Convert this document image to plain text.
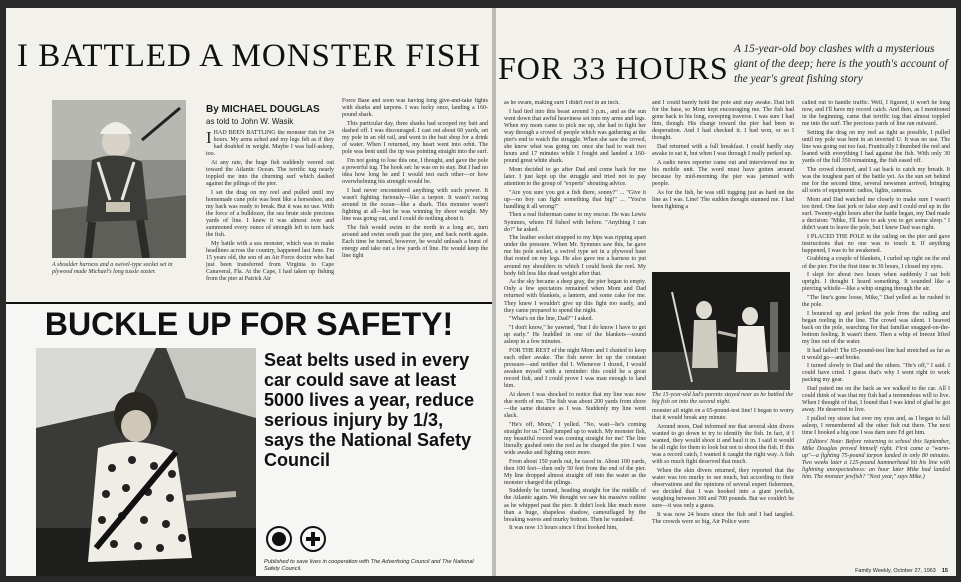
I BATTLED A MONSTER FISH
A shoulder harness and a swivel-type socket set in plywood made Michael's long tussle easier.
By MICHAEL DOUGLAS
as told to John W. Wasik

IHAD BEEN BATTLING the monster fish for 24 hours. My arms ached and my legs felt as if they had doubled in weight. Maybe I was half-asleep, too.

At any rate, the huge fish suddenly veered out toward the Atlantic Ocean. The terrific tug nearly toppled me into the churning surf which dashed against the pilings of the pier.

I set the drag on my reel and pulled until my homemade cane pole was bent like a horseshoe, and my back was ready to break. But it was no use. With the force of a bulldozer, the sea brute stole precious yards of line. I knew it was almost over and summoned every ounce of strength left to turn back the fish.

My battle with a sea monster, which was to make headlines across the country, happened last June. I'm 15 years old, the son of an Air Force doctor who had just been transferred from Virginia to Cape Canaveral, Fla. At the Cape, I had taken up fishing from the pier at Patrick Air

Force Base and soon was having long give-and-take fights with sharks and tarpons. I was lucky once, landing a 160-pound shark.

This particular day, three sharks had scooped my bait and dashed off. I was discouraged. I cast out about 60 yards, set my pole in an old rail, and went to the bait shop for a drink of water. When I returned, my heart went into orbit. The pole was bent until the tip was pointing straight into the surf.

I'm not going to lose this one, I thought, and gave the pole a powerful tug. The hook set: he was on to stay. But I had no idea how long he and I would test each other—or how overwhelming his strength would be.

I had never encountered anything with such power. It wasn't fighting furiously—like a tarpon. It wasn't racing around in the ocean—like a shark. This monster wasn't fighting at all—but he was winning by sheer weight. My line was going out, and I could do nothing about it.

The fish would swim to the north in a long arc, turn around and swim south past the pier, and back north again. Each time he turned, however, he would unleash a burst of energy and take out a few yards of line. He would keep the line tight

BUCKLE UP FOR SAFETY!
Seat belts used in every car could save at least 5000 lives a year, reduce serious injury by 1/3, says the National Safety Council
Published to save lives in cooperation with The Advertising Council and The National Safety Council.
FOR 33 HOURS
A 15-year-old boy clashes with a mysterious giant of the deep; here is the youth's account of the year's great fishing story

as he swam, making sure I didn't reel in an inch.

I had tied into this beast around 3 p.m., and as the sun went down that awful heaviness set into my arms and legs. When my mom came to pick me up, she had to fight her way through a crowd of people which was gathering at the pier's end to watch the struggle. When she saw the crowd, she knew what was going on: once she had to wait two hours and 17 minutes while I fought and landed a 160-pound great white shark.

Mom decided to go after Dad and come back for me later. I just kept up the struggle and tried not to pay attention to the group of "experts" shouting advice.

"Are you sure you got a fish there, sonny?" ... "Give it up—no boy can fight something that big!" ... "You're handling it all wrong!"

Then a real fisherman came to my rescue. He was Lewis Symmes, whom I'd fished with before. "Anything I can do?" he asked.

The leather socket strapped to my hips was ripping apart under the pressure. When Mr. Symmes saw this, he gave me his pole socket, a swivel type set in a plywood base that rested on my legs. He also gave me a harness to put around my shoulders to which I could hook the reel. My body felt less like dead weight after that.

As the sky became a deep gray, the pier began to empty. Only a few spectators remained when Mom and Dad returned with blankets, a lantern, and some cake for me. They knew I wouldn't give up this fight too easily, and they came prepared to spend the night.

"What's on the line, Dad?" I asked.

"I don't know," he yawned, "but I do know I have to get up early." He huddled in one of the blankets—sound asleep in a few minutes.

FOR THE REST of the night Mom and I chatted to keep each other awake. The fish never let up the constant pressure—and neither did I. Whenever I dozed, I would awaken myself with a reminder: this could be a great record fish, and I could prove I was man enough to land him.

At dawn I was shocked to notice that my line was now due north of me. The fish was about 200 yards from shore—the same distance as I was. Suddenly my line went slack.

"He's off, Mom," I yelled. "No, wait—he's coming straight for us." Dad jumped up to watch. My monster fish, my beautiful record was coming straight for me! The line literally gushed onto the reel as he charged the pier. I was wide awake and fighting once more.

From about 150 yards out, he raced in. About 100 yards, then 100 feet—then only 50 feet from the end of the pier. My line dropped almost straight off into the water as the monster charged the pilings.

Suddenly he turned, heading straight for the middle of the Atlantic again. We thought we saw his massive outline as he whipped past the pier. It didn't look like much more than a huge, shapeless shadow, camouflaged by the breaking waves and murky bottom. Then he vanished.

It was now 13 hours since I first hooked him,

and I could barely hold the pole and stay awake. Dad left for the base, so Mom kept encouraging me. The fish had gone back to his long, sweeping traverse. I was sure I had him, though. His charge toward the pier had been in desperation. And I had checked it. I had won, or so I thought.

Dad returned with a full breakfast. I could hardly stay awake to eat it, but when I was through I really perked up.

A radio news reporter came out and interviewed me in his mobile unit. The word must have gotten around because by mid-morning the pier was jammed with people.

As for the fish, he was still tugging just as hard on the line as I was. Line! The sudden thought stunned me. I had been fighting a

The 15-year-old lad's parents stayed near as he battled the big fish on into the second night.

monster all night on a 65-pound-test line! I began to worry that it would break any minute.

Around noon, Dad informed me that several skin divers wanted to go down to try to identify the fish. In fact, if I wanted, they would shoot it and haul it in. I said it would be all right for them to look but not to shoot the fish. If this was a record catch, I wanted it caught the right way. A fish with so much fight deserved that much.

When the skin divers returned, they reported that the water was too murky to see much, but according to their observations and the opinions of several expert fishermen, we decided that I was hooked into a giant jewfish, weighing between 300 and 700 pounds. But we couldn't be sure—it was only a guess.

It was now 24 hours since the fish and I had tangled. The crowds were so big, Air Police were

called out to handle traffic. Well, I figured, it won't be long now, and I'll have my record catch. And then, as I mentioned in the beginning, came that terrific tug that almost toppled me into the surf. The precious yards of line ran outward.

Setting the drag on my reel as tight as possible, I pulled until my pole was bent in an inverted U. It was no use. The line was going out too fast. Frantically I thumbed the reel and leaned with everything I had against the fish. With only 30 yards of the full 350 remaining, the fish eased off.

The crowd cheered, and I sat back to catch my breath. It was the toughest part of the battle yet. As the sun set behind me for the second time, several newsmen arrived, bringing all sorts of equipment: radios, lights, cameras.

Mom and Dad watched me closely to make sure I wasn't too tired. One fast jerk or false step and I could end up in the surf. Twenty-eight hours after the battle began, my Dad made a decision: "Mike, I'll have to ask you to get some sleep." I didn't want to leave the pole, but I knew Dad was right.

I PLACED THE POLE in the railing on the pier and gave instructions that no one was to touch it. If anything happened, I was to be awakened.

Grabbing a couple of blankets, I curled up right on the end of the pier. For the first time in 30 hours, I closed my eyes.

I slept for about two hours when suddenly I sat bolt upright. I thought I heard something. It sounded like a piercing whistle—like a whip singing through the air.

"The line's gone loose, Mike," Dad yelled as he rushed to the pole.

I bounced up and jerked the pole from the railing and began reeling in the line. The crowd was silent. I heaved back on the pole, searching for that familiar snagged-on-the-bottom feeling. It wasn't there. Then a whip of breeze lifted my line out of the water.

It had failed! The 65-pound-test line had stretched as far as it would go—and broke.

I turned slowly to Dad and the others. "He's off," I said. I could have cried. I guess that's why I went right to work packing my gear.

Dad patted me on the back as we walked to the car. All I could think of was that my fish had a tremendous will to live. When I thought of that, I found that I was kind of glad he got away. He deserved to live.

I pulled my straw hat over my eyes and, as I began to fall asleep, I remembered all the other fish out there. The next time I hooked a big one I was darn sure I'd get him.

(Editors' Note: Before returning to school this September, Mike Douglas proved himself right. First came a "warm-up"—a fighting 75-pound tarpon landed in only 80 minutes. Two weeks later a 125-pound hammerhead hit his line with lightning unexpectedness: an hour later Mike had landed him. The monster jewfish? "Next year," says Mike.)

Family Weekly, October 27, 1963 15
